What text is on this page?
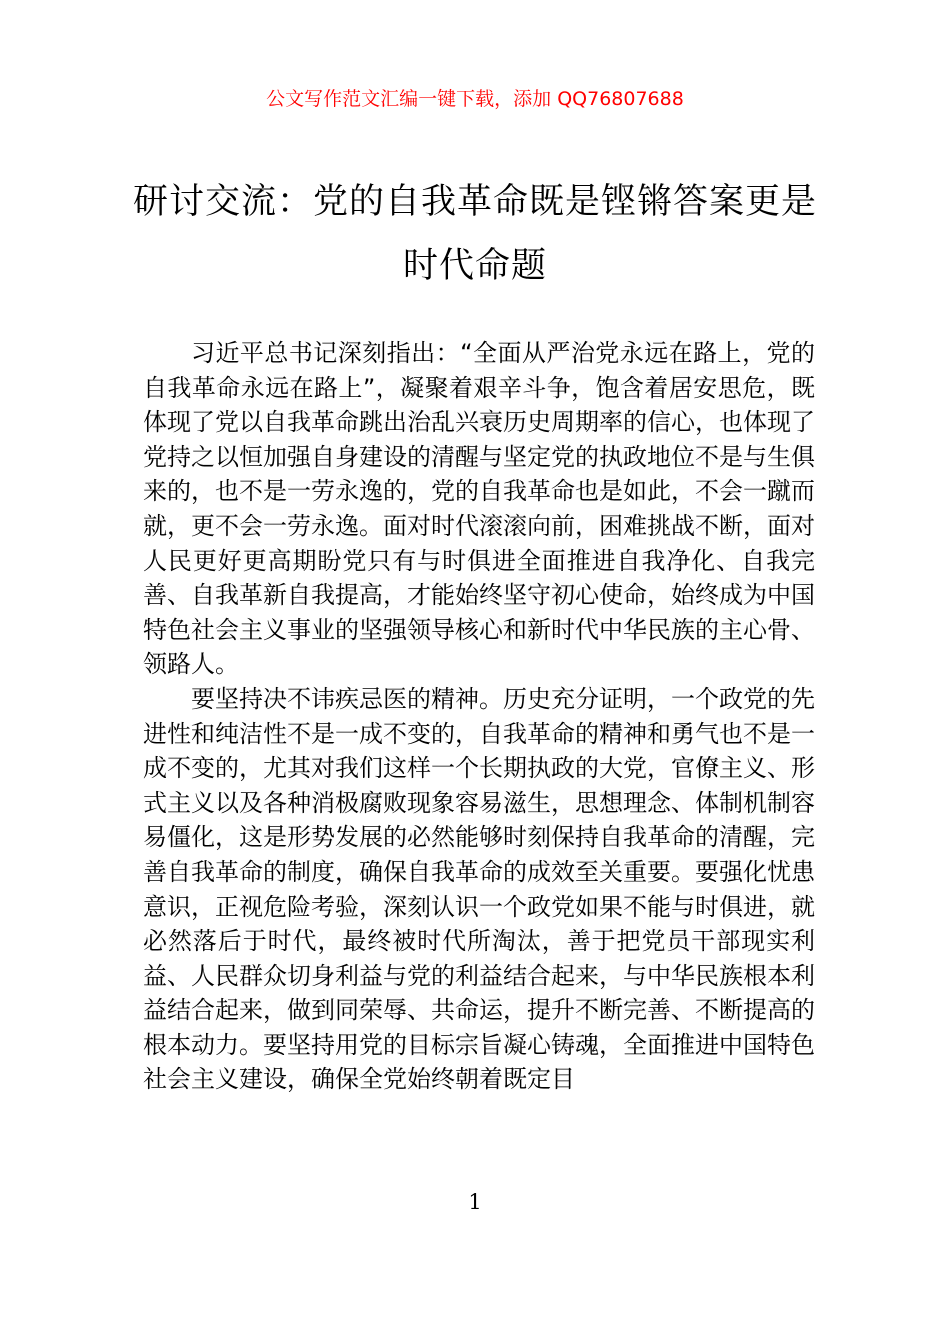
公文写作范文汇编一键下载，添加 QQ76807688
研讨交流：党的自我革命既是铿锵答案更是时代命题

习近平总书记深刻指出：“全面从严治党永远在路上，党的自我革命永远在路上”，凝聚着艰辛斗争，饱含着居安思危，既体现了党以自我革命跳出治乱兴衰历史周期率的信心，也体现了党持之以恒加强自身建设的清醒与坚定党的执政地位不是与生俱来的，也不是一劳永逸的，党的自我革命也是如此，不会一蹴而就，更不会一劳永逸。面对时代滚滚向前，困难挑战不断，面对人民更好更高期盼党只有与时俱进全面推进自我净化、自我完善、自我革新自我提高，才能始终坚守初心使命，始终成为中国特色社会主义事业的坚强领导核心和新时代中华民族的主心骨、领路人。

要坚持决不讳疾忌医的精神。历史充分证明，一个政党的先进性和纯洁性不是一成不变的，自我革命的精神和勇气也不是一成不变的，尤其对我们这样一个长期执政的大党，官僚主义、形式主义以及各种消极腐败现象容易滋生，思想理念、体制机制容易僵化，这是形势发展的必然能够时刻保持自我革命的清醒，完善自我革命的制度，确保自我革命的成效至关重要。要强化忧患意识，正视危险考验，深刻认识一个政党如果不能与时俱进，就必然落后于时代，最终被时代所淘汰，善于把党员干部现实利益、人民群众切身利益与党的利益结合起来，与中华民族根本利益结合起来，做到同荣辱、共命运，提升不断完善、不断提高的根本动力。要坚持用党的目标宗旨凝心铸魂，全面推进中国特色社会主义建设，确保全党始终朝着既定目

1
